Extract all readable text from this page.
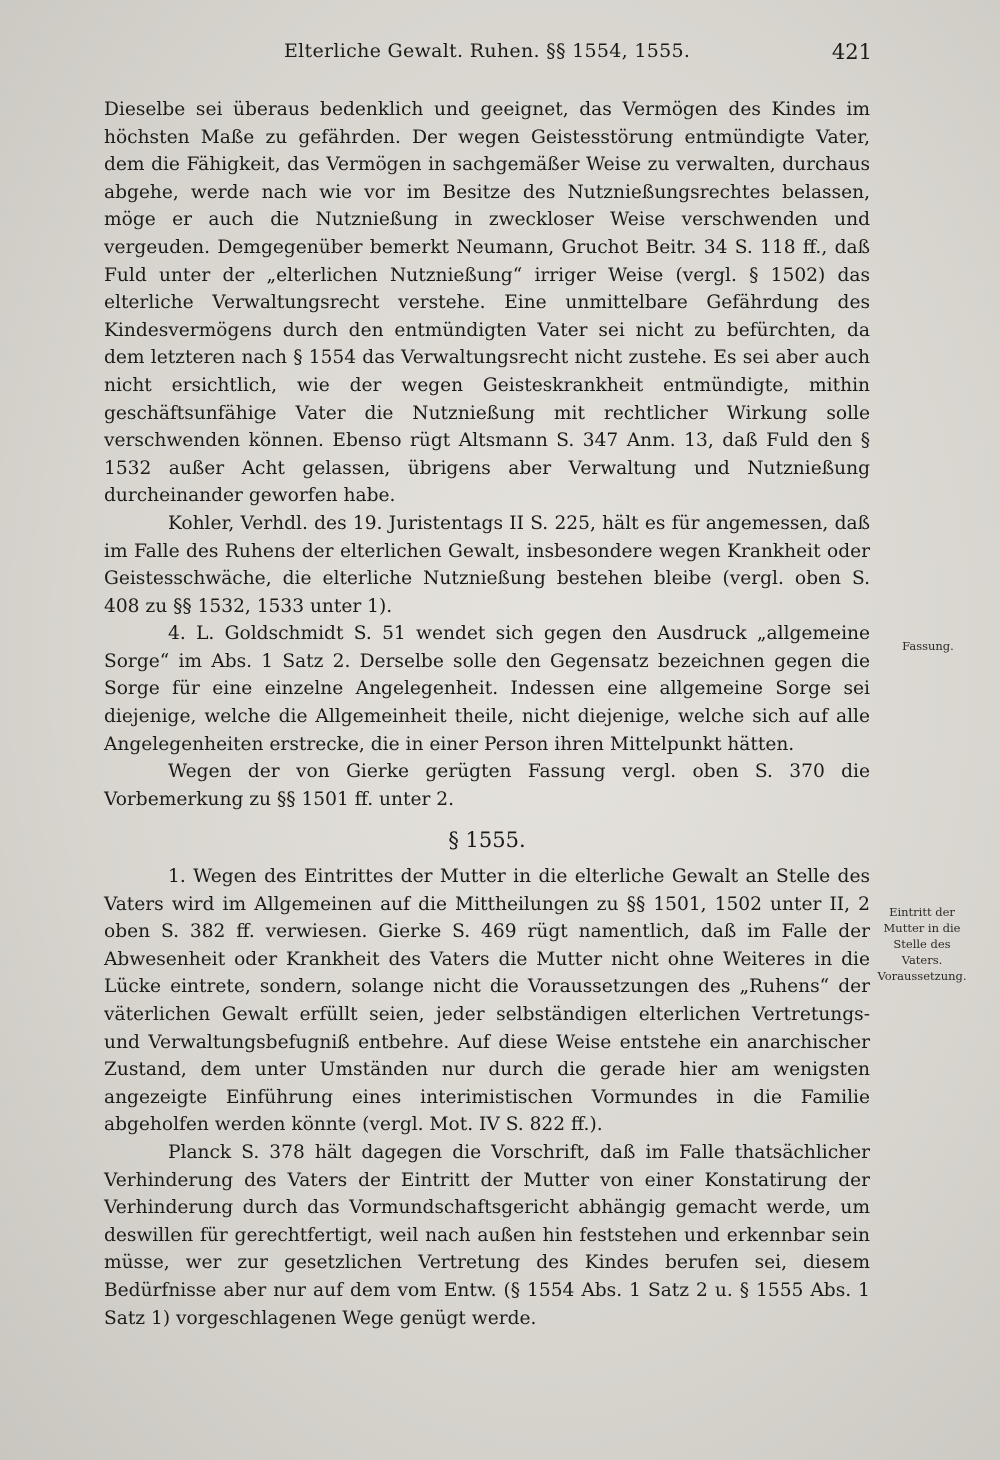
Elterliche Gewalt. Ruhen. §§ 1554, 1555.	421

Dieselbe sei überaus bedenklich und geeignet, das Vermögen des Kindes im höchsten Maße zu gefährden. Der wegen Geistesstörung entmündigte Vater, dem die Fähigkeit, das Vermögen in sachgemäßer Weise zu verwalten, durchaus abgehe, werde nach wie vor im Besitze des Nutznießungsrechtes belassen, möge er auch die Nutznießung in zweckloser Weise verschwenden und vergeuden. Demgegenüber bemerkt Neumann, Gruchot Beitr. 34 S. 118 ff., daß Fuld unter der „elterlichen Nutznießung“ irriger Weise (vergl. § 1502) das elterliche Verwaltungsrecht verstehe. Eine unmittelbare Gefährdung des Kindesvermögens durch den entmündigten Vater sei nicht zu befürchten, da dem letzteren nach § 1554 das Verwaltungsrecht nicht zustehe. Es sei aber auch nicht ersichtlich, wie der wegen Geisteskrankheit entmündigte, mithin geschäftsunfähige Vater die Nutznießung mit rechtlicher Wirkung solle verschwenden können. Ebenso rügt Altsmann S. 347 Anm. 13, daß Fuld den § 1532 außer Acht gelassen, übrigens aber Verwaltung und Nutznießung durcheinander geworfen habe.

Kohler, Verhdl. des 19. Juristentags II S. 225, hält es für angemessen, daß im Falle des Ruhens der elterlichen Gewalt, insbesondere wegen Krankheit oder Geistesschwäche, die elterliche Nutznießung bestehen bleibe (vergl. oben S. 408 zu §§ 1532, 1533 unter 1).

4. L. Goldschmidt S. 51 wendet sich gegen den Ausdruck „allgemeine Sorge“ im Abs. 1 Satz 2. Derselbe solle den Gegensatz bezeichnen gegen die Sorge für eine einzelne Angelegenheit. Indessen eine allgemeine Sorge sei diejenige, welche die Allgemeinheit theile, nicht diejenige, welche sich auf alle Angelegenheiten erstrecke, die in einer Person ihren Mittelpunkt hätten.

Wegen der von Gierke gerügten Fassung vergl. oben S. 370 die Vorbemerkung zu §§ 1501 ff. unter 2.

§ 1555.

1. Wegen des Eintrittes der Mutter in die elterliche Gewalt an Stelle des Vaters wird im Allgemeinen auf die Mittheilungen zu §§ 1501, 1502 unter II, 2 oben S. 382 ff. verwiesen. Gierke S. 469 rügt namentlich, daß im Falle der Abwesenheit oder Krankheit des Vaters die Mutter nicht ohne Weiteres in die Lücke eintrete, sondern, solange nicht die Voraussetzungen des „Ruhens“ der väterlichen Gewalt erfüllt seien, jeder selbständigen elterlichen Vertretungs- und Verwaltungsbefugniß entbehre. Auf diese Weise entstehe ein anarchischer Zustand, dem unter Umständen nur durch die gerade hier am wenigsten angezeigte Einführung eines interimistischen Vormundes in die Familie abgeholfen werden könnte (vergl. Mot. IV S. 822 ff.).

Planck S. 378 hält dagegen die Vorschrift, daß im Falle thatsächlicher Verhinderung des Vaters der Eintritt der Mutter von einer Konstatirung der Verhinderung durch das Vormundschaftsgericht abhängig gemacht werde, um deswillen für gerechtfertigt, weil nach außen hin feststehen und erkennbar sein müsse, wer zur gesetzlichen Vertretung des Kindes berufen sei, diesem Bedürfnisse aber nur auf dem vom Entw. (§ 1554 Abs. 1 Satz 2 u. § 1555 Abs. 1 Satz 1) vorgeschlagenen Wege genügt werde.

Fassung.
Eintritt der Mutter in die Stelle des Vaters. Voraussetzung.
